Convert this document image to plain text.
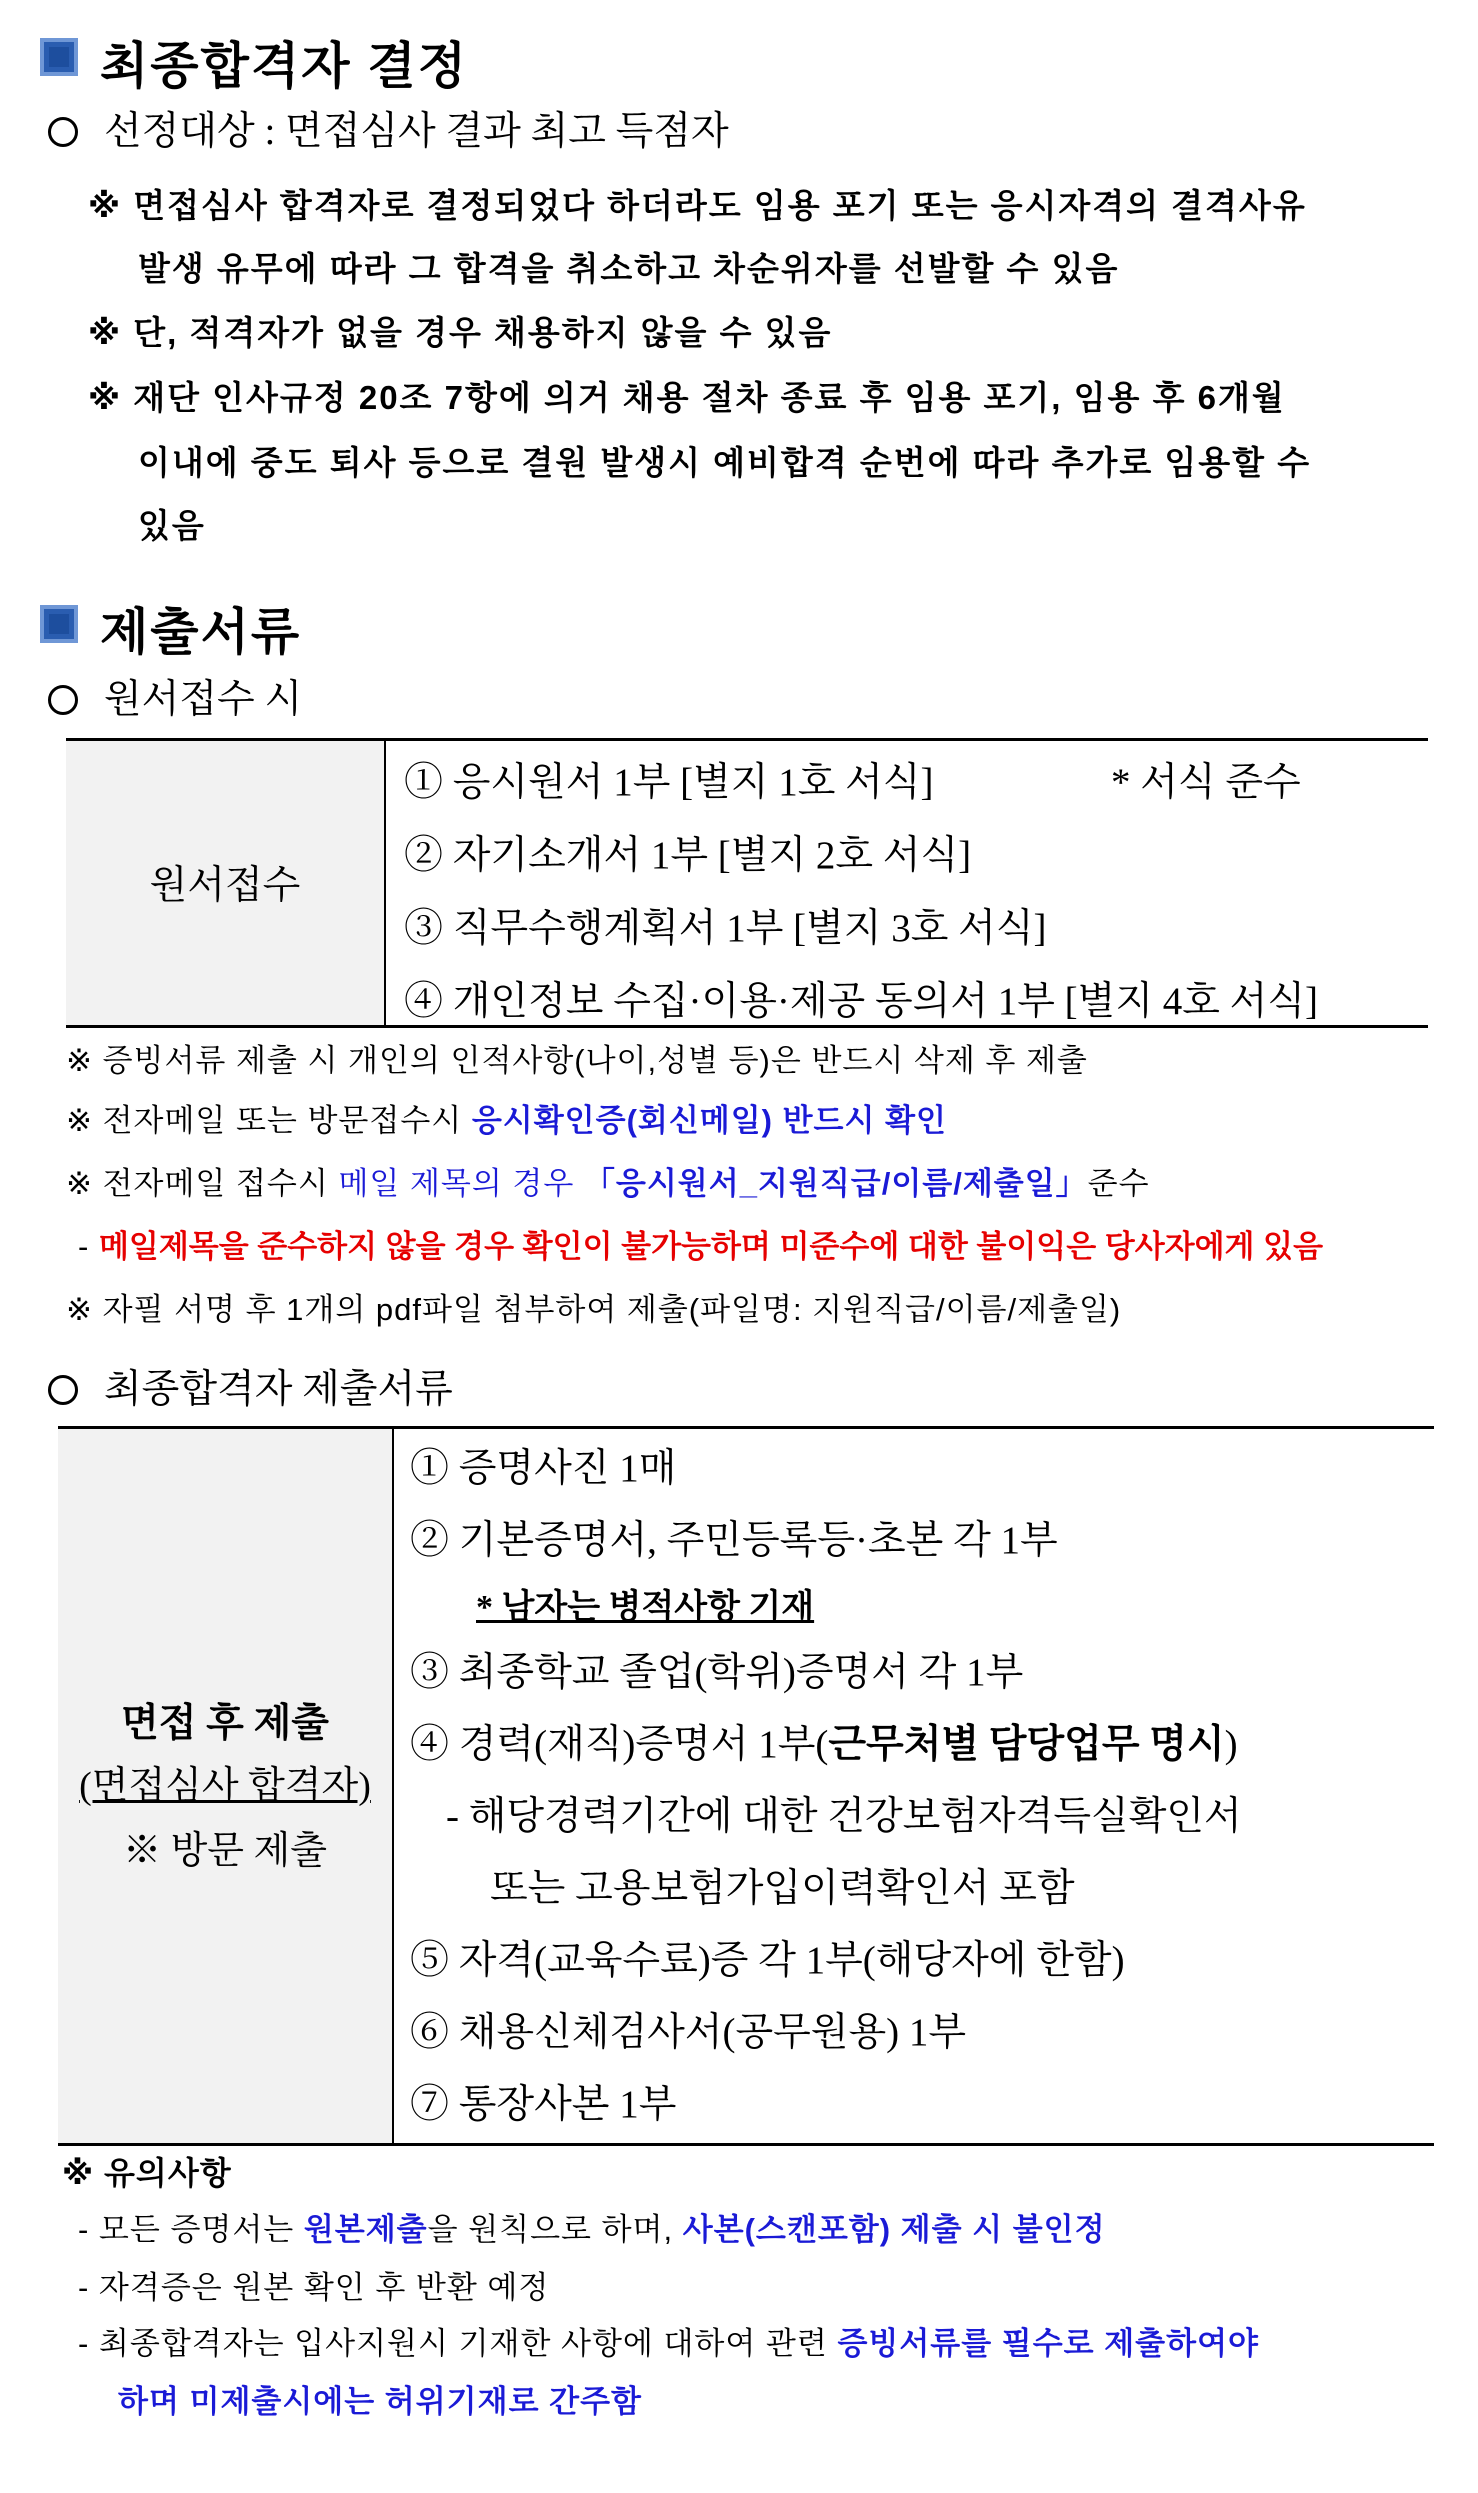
최종합격자 결정
선정대상 : 면접심사 결과 최고 득점자
※ 면접심사 합격자로 결정되었다 하더라도 임용 포기 또는 응시자격의 결격사유
발생 유무에 따라 그 합격을 취소하고 차순위자를 선발할 수 있음
※ 단, 적격자가 없을 경우 채용하지 않을 수 있음
※ 재단 인사규정 20조 7항에 의거 채용 절차 종료 후 임용 포기, 임용 후 6개월
이내에 중도 퇴사 등으로 결원 발생시 예비합격 순번에 따라 추가로 임용할 수
있음
제출서류
원서접수 시
원서접수
① 응시원서 1부 [별지 1호 서식]	* 서식 준수
② 자기소개서 1부 [별지 2호 서식]
③ 직무수행계획서 1부 [별지 3호 서식]
④ 개인정보 수집·이용·제공 동의서 1부 [별지 4호 서식]
※ 증빙서류 제출 시 개인의 인적사항(나이,성별 등)은 반드시 삭제 후 제출
※ 전자메일 또는 방문접수시 응시확인증(회신메일) 반드시 확인
※ 전자메일 접수시 메일 제목의 경우 「응시원서_지원직급/이름/제출일」준수
- 메일제목을 준수하지 않을 경우 확인이 불가능하며 미준수에 대한 불이익은 당사자에게 있음
※ 자필 서명 후 1개의 pdf파일 첨부하여 제출(파일명: 지원직급/이름/제출일)
최종합격자 제출서류
면접 후 제출
(면접심사 합격자)
※ 방문 제출
① 증명사진 1매
② 기본증명서, 주민등록등·초본 각 1부
* 남자는 병적사항 기재
③ 최종학교 졸업(학위)증명서 각 1부
④ 경력(재직)증명서 1부(근무처별 담당업무 명시)
- 해당경력기간에 대한 건강보험자격득실확인서
또는 고용보험가입이력확인서 포함
⑤ 자격(교육수료)증 각 1부(해당자에 한함)
⑥ 채용신체검사서(공무원용) 1부
⑦ 통장사본 1부
※ 유의사항
- 모든 증명서는 원본제출을 원칙으로 하며, 사본(스캔포함) 제출 시 불인정
- 자격증은 원본 확인 후 반환 예정
- 최종합격자는 입사지원시 기재한 사항에 대하여 관련 증빙서류를 필수로 제출하여야
하며 미제출시에는 허위기재로 간주함
